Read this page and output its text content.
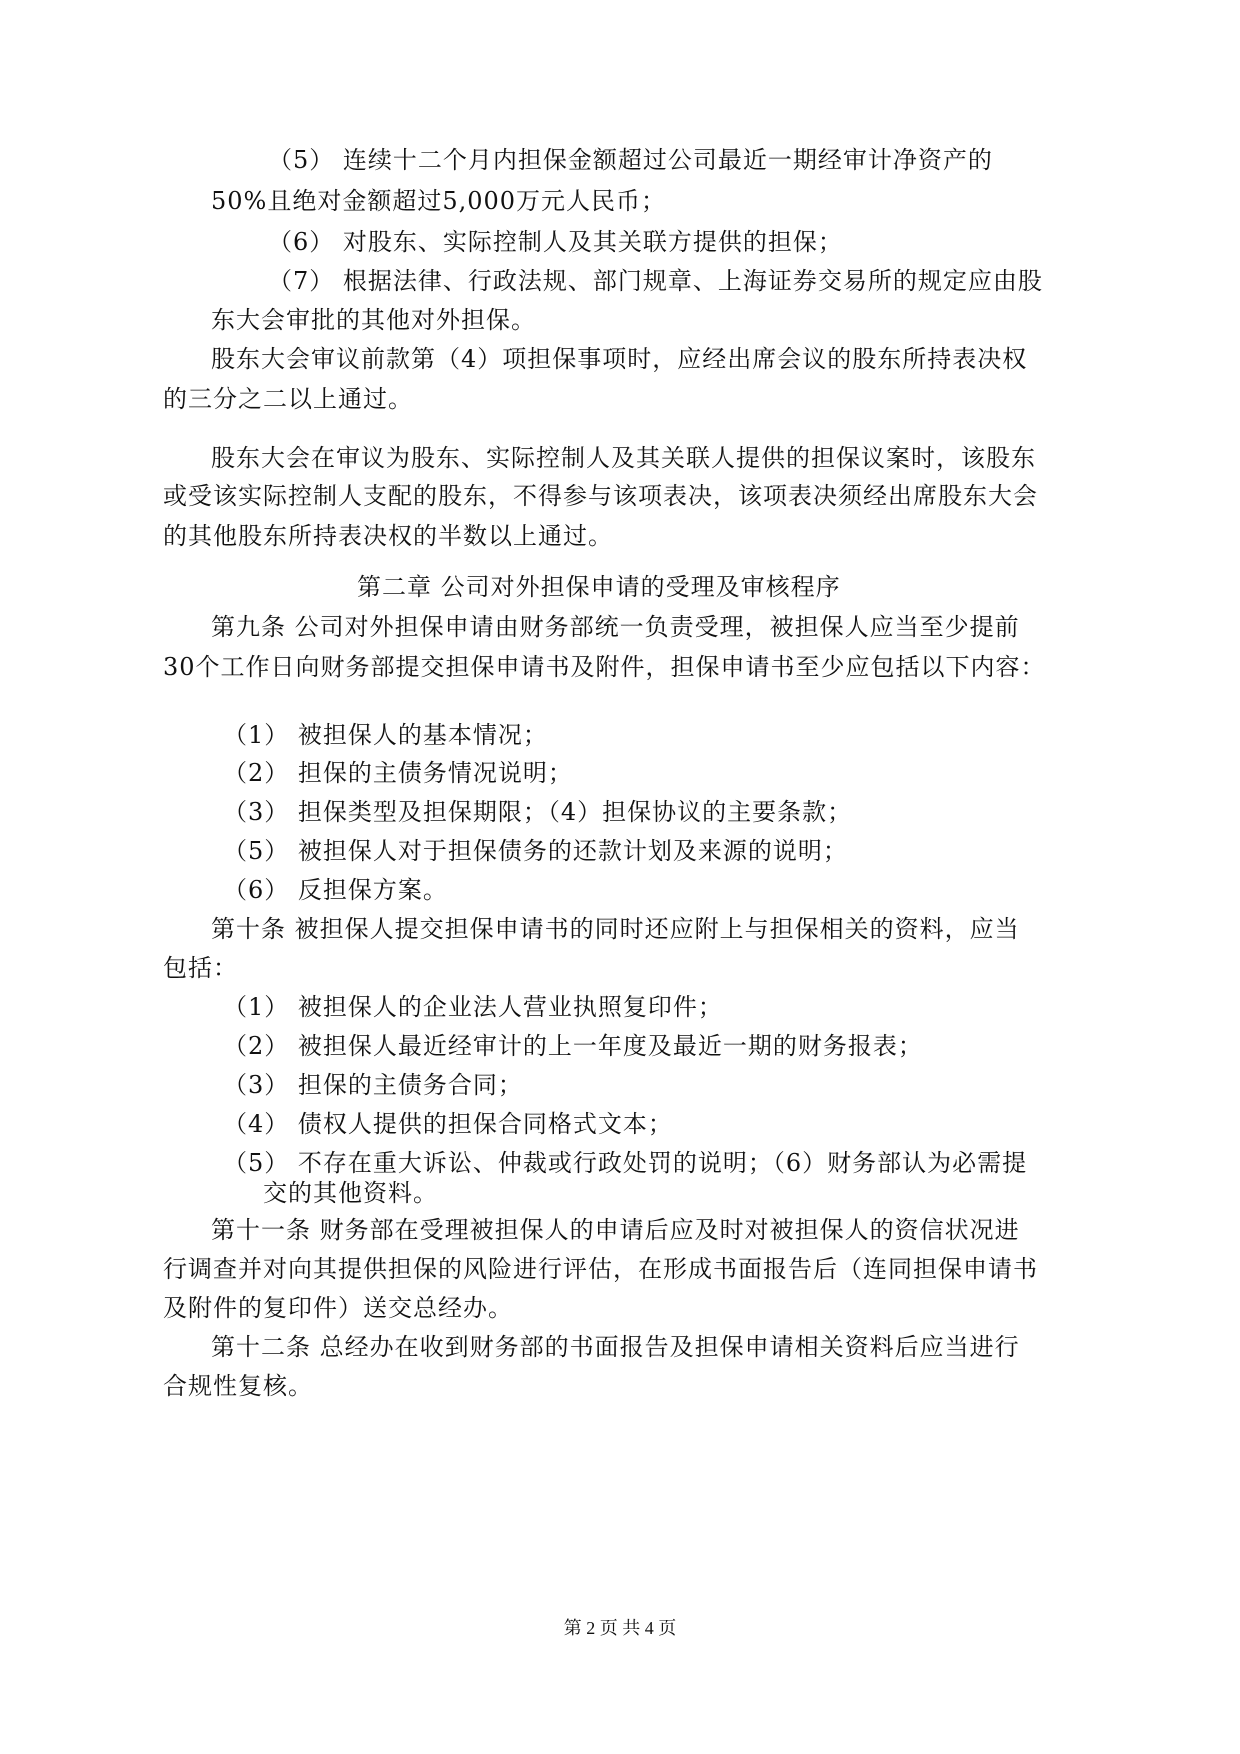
（5） 连续十二个月内担保金额超过公司最近一期经审计净资产的
50%且绝对金额超过5,000万元人民币；
（6） 对股东、实际控制人及其关联方提供的担保；
（7） 根据法律、行政法规、部门规章、上海证券交易所的规定应由股
东大会审批的其他对外担保。
股东大会审议前款第（4）项担保事项时，应经出席会议的股东所持表决权
的三分之二以上通过。
股东大会在审议为股东、实际控制人及其关联人提供的担保议案时，该股东
或受该实际控制人支配的股东，不得参与该项表决，该项表决须经出席股东大会
的其他股东所持表决权的半数以上通过。
第二章 公司对外担保申请的受理及审核程序
第九条 公司对外担保申请由财务部统一负责受理，被担保人应当至少提前
30个工作日向财务部提交担保申请书及附件，担保申请书至少应包括以下内容：
（1） 被担保人的基本情况；
（2） 担保的主债务情况说明；
（3） 担保类型及担保期限；（4）担保协议的主要条款；
（5） 被担保人对于担保债务的还款计划及来源的说明；
（6） 反担保方案。
第十条 被担保人提交担保申请书的同时还应附上与担保相关的资料，应当
包括：
（1） 被担保人的企业法人营业执照复印件；
（2） 被担保人最近经审计的上一年度及最近一期的财务报表；
（3） 担保的主债务合同；
（4） 债权人提供的担保合同格式文本；
（5） 不存在重大诉讼、仲裁或行政处罚的说明；（6）财务部认为必需提
交的其他资料。
第十一条 财务部在受理被担保人的申请后应及时对被担保人的资信状况进
行调查并对向其提供担保的风险进行评估，在形成书面报告后（连同担保申请书
及附件的复印件）送交总经办。
第十二条 总经办在收到财务部的书面报告及担保申请相关资料后应当进行
合规性复核。
第 2 页 共 4 页
